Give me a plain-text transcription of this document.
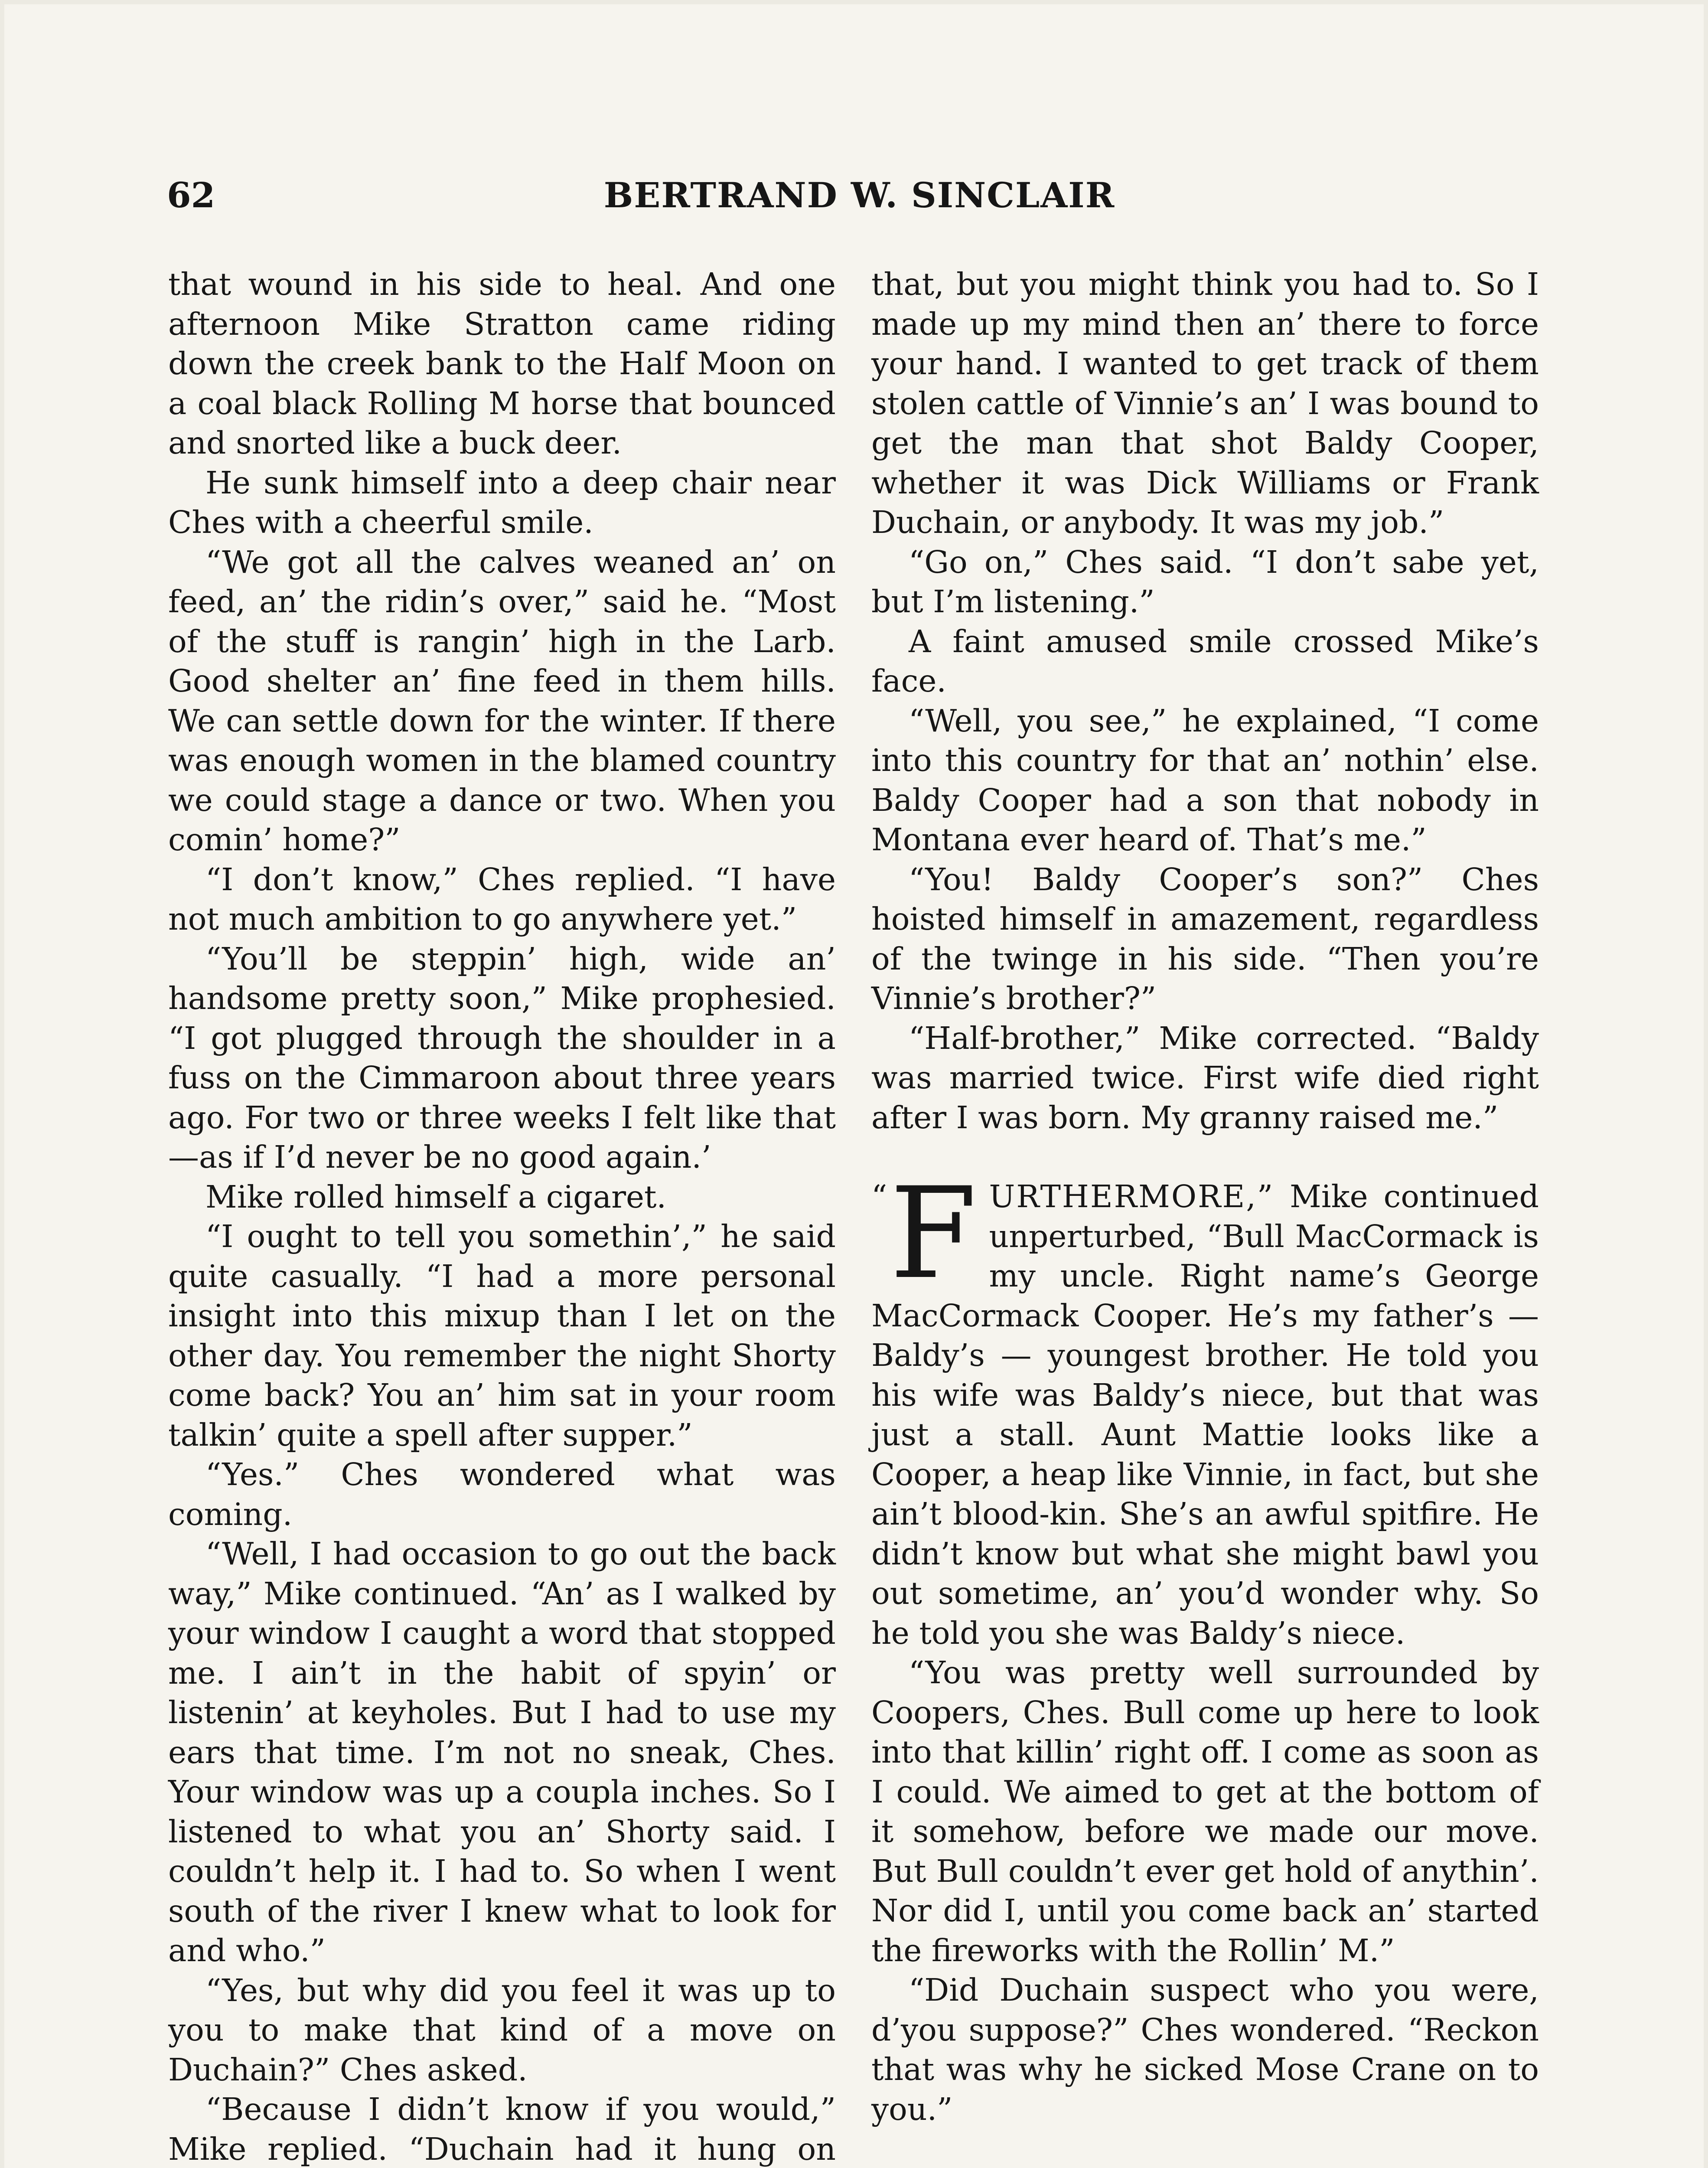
62	BERTRAND W. SINCLAIR

that wound in his side to heal. And one afternoon Mike Stratton came riding down the creek bank to the Half Moon on a coal black Rolling M horse that bounced and snorted like a buck deer.

He sunk himself into a deep chair near Ches with a cheerful smile.

“We got all the calves weaned an’ on feed, an’ the ridin’s over,” said he. “Most of the stuff is rangin’ high in the Larb. Good shelter an’ fine feed in them hills. We can settle down for the winter. If there was enough women in the blamed country we could stage a dance or two. When you comin’ home?”

“I don’t know,” Ches replied. “I have not much ambition to go anywhere yet.”

“You’ll be steppin’ high, wide an’ handsome pretty soon,” Mike prophesied. “I got plugged through the shoulder in a fuss on the Cimmaroon about three years ago. For two or three weeks I felt like that—as if I’d never be no good again.’

Mike rolled himself a cigaret.

“I ought to tell you somethin’,” he said quite casually. “I had a more personal insight into this mixup than I let on the other day. You remember the night Shorty come back? You an’ him sat in your room talkin’ quite a spell after supper.”

“Yes.” Ches wondered what was coming.

“Well, I had occasion to go out the back way,” Mike continued. “An’ as I walked by your window I caught a word that stopped me. I ain’t in the habit of spyin’ or listenin’ at keyholes. But I had to use my ears that time. I’m not no sneak, Ches. Your window was up a coupla inches. So I listened to what you an’ Shorty said. I couldn’t help it. I had to. So when I went south of the river I knew what to look for and who.”

“Yes, but why did you feel it was up to you to make that kind of a move on Duchain?” Ches asked.

“Because I didn’t know if you would,” Mike replied. “Duchain had it hung on

that, but you might think you had to. So I made up my mind then an’ there to force your hand. I wanted to get track of them stolen cattle of Vinnie’s an’ I was bound to get the man that shot Baldy Cooper, whether it was Dick Williams or Frank Duchain, or anybody. It was my job.”

“Go on,” Ches said. “I don’t sabe yet, but I’m listening.”

A faint amused smile crossed Mike’s face.

“Well, you see,” he explained, “I come into this country for that an’ nothin’ else. Baldy Cooper had a son that nobody in Montana ever heard of. That’s me.”

“You! Baldy Cooper’s son?” Ches hoisted himself in amazement, regardless of the twinge in his side. “Then you’re Vinnie’s brother?”

“Half-brother,” Mike corrected. “Baldy was married twice. First wife died right after I was born. My granny raised me.”

“ F URTHERMORE,” Mike continued unperturbed, “Bull MacCormack is my uncle. Right name’s George MacCormack Cooper. He’s my father’s — Baldy’s — youngest brother. He told you his wife was Baldy’s niece, but that was just a stall. Aunt Mattie looks like a Cooper, a heap like Vinnie, in fact, but she ain’t blood-kin. She’s an awful spitfire. He didn’t know but what she might bawl you out sometime, an’ you’d wonder why. So he told you she was Baldy’s niece.

“You was pretty well surrounded by Coopers, Ches. Bull come up here to look into that killin’ right off. I come as soon as I could. We aimed to get at the bottom of it somehow, before we made our move. But Bull couldn’t ever get hold of anythin’. Nor did I, until you come back an’ started the fireworks with the Rollin’ M.”

“Did Duchain suspect who you were, d’you suppose?” Ches wondered. “Reckon that was why he sicked Mose Crane on to you.”
